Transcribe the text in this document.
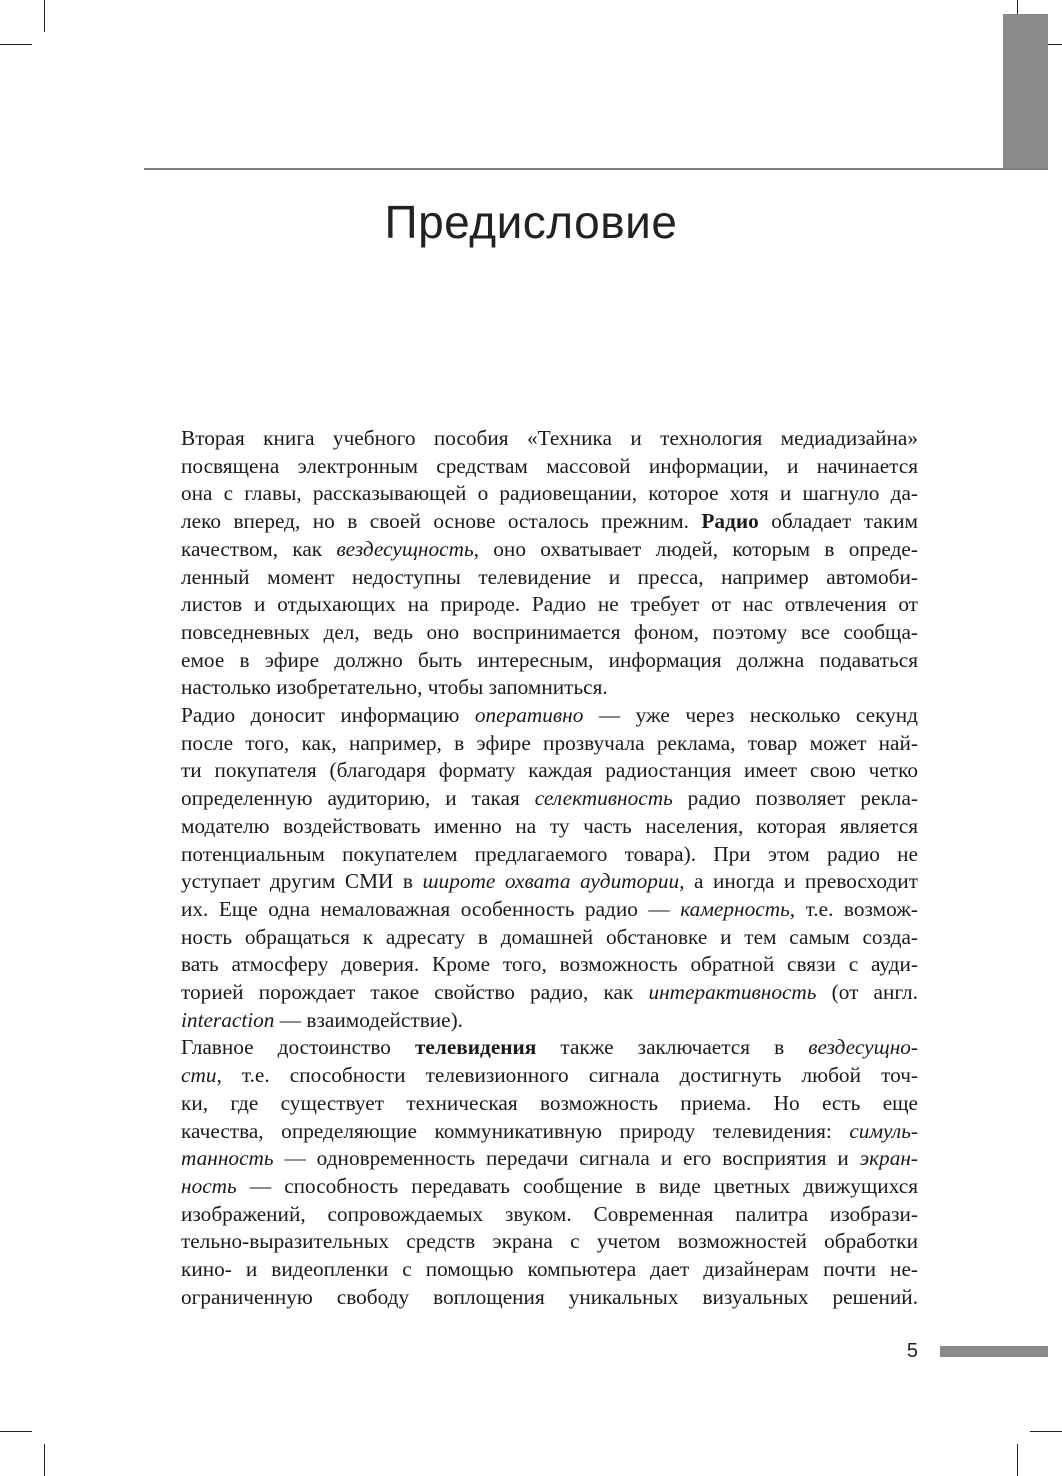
Предисловие

Вторая книга учебного пособия «Техника и технология медиадизайна»
посвящена электронным средствам массовой информации, и начинается
она с главы, рассказывающей о радиовещании, которое хотя и шагнуло да-
леко вперед, но в своей основе осталось прежним. Радио обладает таким
качеством, как вездесущность, оно охватывает людей, которым в опреде-
ленный момент недоступны телевидение и пресса, например автомоби-
листов и отдыхающих на природе. Радио не требует от нас отвлечения от
повседневных дел, ведь оно воспринимается фоном, поэтому все сообща-
емое в эфире должно быть интересным, информация должна подаваться
настолько изобретательно, чтобы запомниться.

Радио доносит информацию оперативно — уже через несколько секунд
после того, как, например, в эфире прозвучала реклама, товар может най-
ти покупателя (благодаря формату каждая радиостанция имеет свою четко
определенную аудиторию, и такая селективность радио позволяет рекла-
модателю воздействовать именно на ту часть населения, которая является
потенциальным покупателем предлагаемого товара). При этом радио не
уступает другим СМИ в широте охвата аудитории, а иногда и превосходит
их. Еще одна немаловажная особенность радио — камерность, т.е. возмож-
ность обращаться к адресату в домашней обстановке и тем самым созда-
вать атмосферу доверия. Кроме того, возможность обратной связи с ауди-
торией порождает такое свойство радио, как интерактивность (от англ.
interaction — взаимодействие).

Главное достоинство телевидения также заключается в вездесущно-
сти, т.е. способности телевизионного сигнала достигнуть любой точ-
ки, где существует техническая возможность приема. Но есть еще
качества, определяющие коммуникативную природу телевидения: симуль-
танность — одновременность передачи сигнала и его восприятия и экран-
ность — способность передавать сообщение в виде цветных движущихся
изображений, сопровождаемых звуком. Современная палитра изобрази-
тельно-выразительных средств экрана с учетом возможностей обработки
кино- и видеопленки с помощью компьютера дает дизайнерам почти не-
ограниченную свободу воплощения уникальных визуальных решений.

5
